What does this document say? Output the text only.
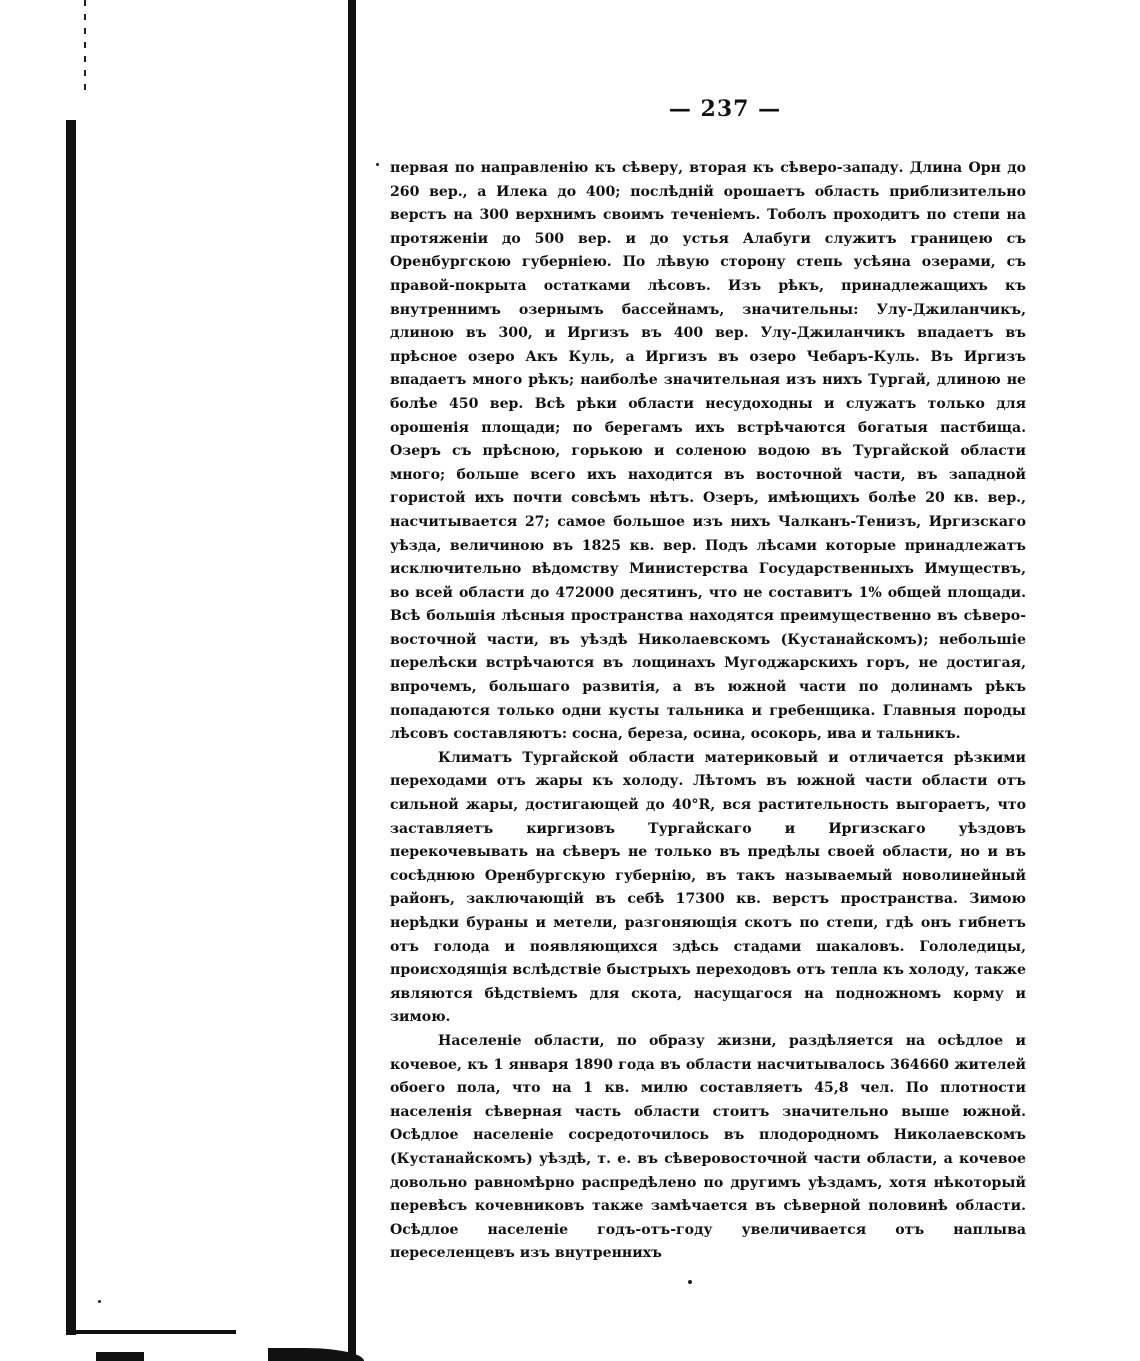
— 237 —

первая по направленію къ сѣверу, вторая къ сѣверо-западу. Длина Орн до 260 вер., а Илека до 400; послѣдній орошаетъ область приблизительно верстъ на 300 верхнимъ своимъ теченіемъ. Тоболъ проходитъ по степи на протяженіи до 500 вер. и до устья Алабуги служитъ границею съ Оренбургскою губерніею. По лѣвую сторону степь усѣяна озерами, съ правой-покрыта остатками лѣсовъ. Изъ рѣкъ, принадлежащихъ къ внутреннимъ озернымъ бассейнамъ, значительны: Улу-Джиланчикъ, длиною въ 300, и Иргизъ въ 400 вер. Улу-Джиланчикъ впадаетъ въ прѣсное озеро Акъ Куль, а Иргизъ въ озеро Чебаръ-Куль. Въ Иргизъ впадаетъ много рѣкъ; наиболѣе значительная изъ нихъ Тургай, длиною не болѣе 450 вер. Всѣ рѣки области несудоходны и служатъ только для орошенія площади; по берегамъ ихъ встрѣчаются богатыя пастбища. Озеръ съ прѣсною, горькою и соленою водою въ Тургайской области много; больше всего ихъ находится въ восточной части, въ западной гористой ихъ почти совсѣмъ нѣтъ. Озеръ, имѣющихъ болѣе 20 кв. вер., насчитывается 27; самое большое изъ нихъ Чалканъ-Тенизъ, Иргизскаго уѣзда, величиною въ 1825 кв. вер. Подъ лѣсами которые принадлежатъ исключительно вѣдомству Министерства Государственныхъ Имуществъ, во всей области до 472000 десятинъ, что не составитъ 1% общей площади. Всѣ большія лѣсныя пространства находятся преимущественно въ сѣверо-восточной части, въ уѣздѣ Николаевскомъ (Кустанайскомъ); небольшіе перелѣски встрѣчаются въ лощинахъ Мугоджарскихъ горъ, не достигая, впрочемъ, большаго развитія, а въ южной части по долинамъ рѣкъ попадаются только одни кусты тальника и гребенщика. Главныя породы лѣсовъ составляютъ: сосна, береза, осина, осокорь, ива и тальникъ.

Климатъ Тургайской области материковый и отличается рѣзкими переходами отъ жары къ холоду. Лѣтомъ въ южной части области отъ сильной жары, достигающей до 40°R, вся растительность выгораетъ, что заставляетъ киргизовъ Тургайскаго и Иргизскаго уѣздовъ перекочевывать на сѣверъ не только въ предѣлы своей области, но и въ сосѣднюю Оренбургскую губернію, въ такъ называемый новолинейный районъ, заключающій въ себѣ 17300 кв. верстъ пространства. Зимою нерѣдки бураны и метели, разгоняющія скотъ по степи, гдѣ онъ гибнетъ отъ голода и появляющихся здѣсь стадами шакаловъ. Гололедицы, происходящія вслѣдствіе быстрыхъ переходовъ отъ тепла къ холоду, также являются бѣдствіемъ для скота, насущагося на подножномъ корму и зимою.

Населеніе области, по образу жизни, раздѣляется на осѣдлое и кочевое, къ 1 января 1890 года въ области насчитывалось 364660 жителей обоего пола, что на 1 кв. милю составляетъ 45,8 чел. По плотности населенія сѣверная часть области стоитъ значительно выше южной. Осѣдлое населеніе сосредоточилось въ плодородномъ Николаевскомъ (Кустанайскомъ) уѣздѣ, т. е. въ сѣверовосточной части области, а кочевое довольно равномѣрно распредѣлено по другимъ уѣздамъ, хотя нѣкоторый перевѣсъ кочевниковъ также замѣчается въ сѣверной половинѣ области. Осѣдлое населеніе годъ-отъ-году увеличивается отъ наплыва переселенцевъ изъ внутреннихъ
